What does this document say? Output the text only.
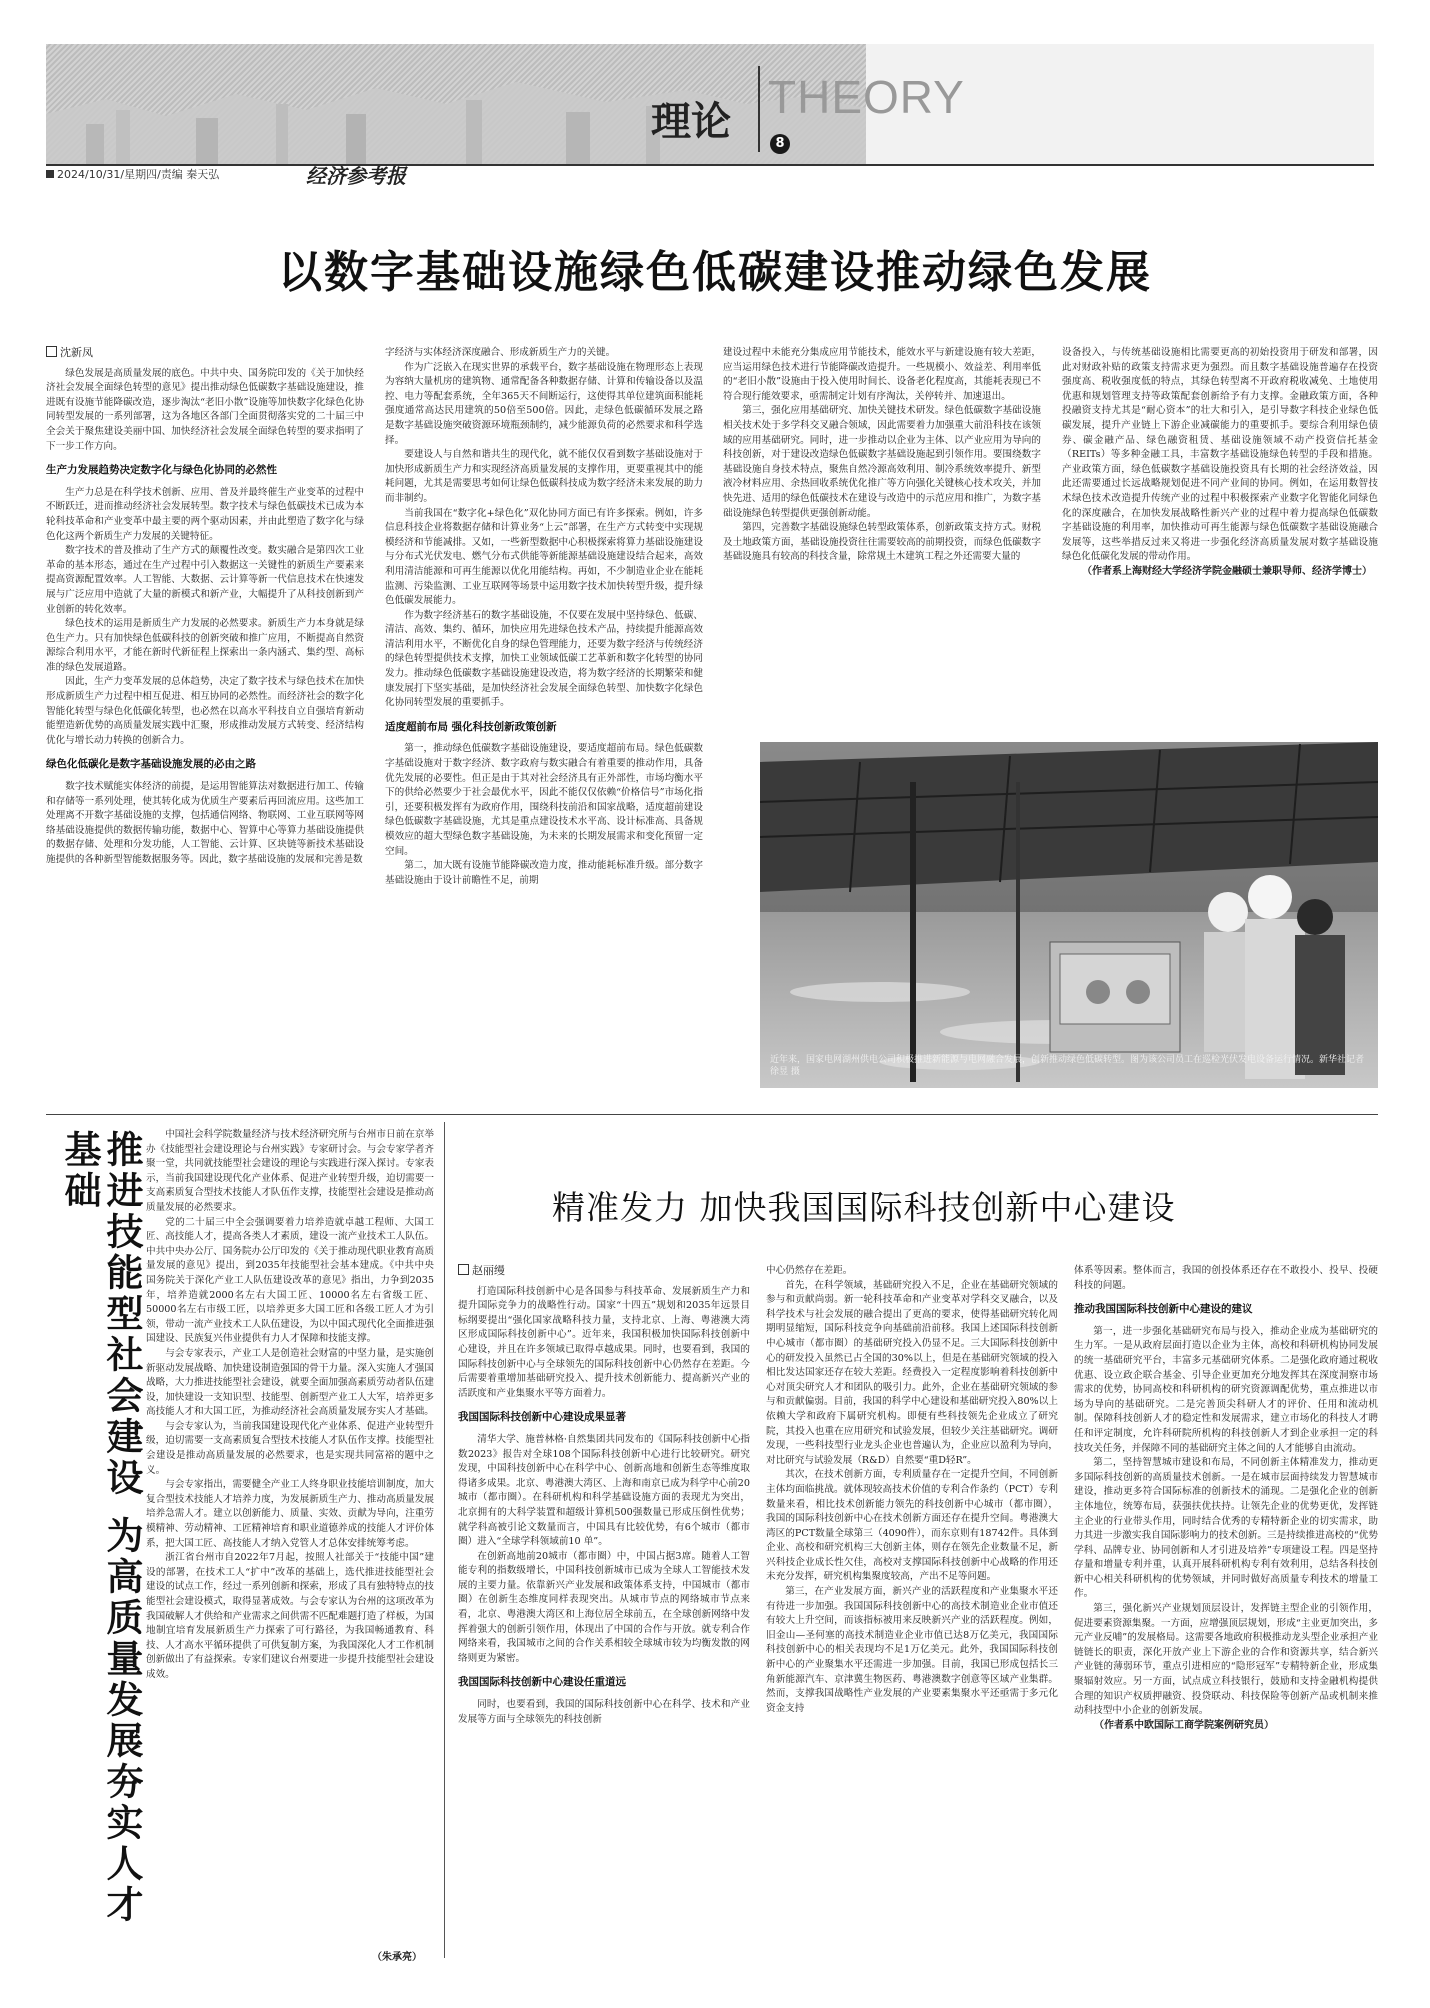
理论 THEORY
8
2024/10/31/星期四/责编 秦天弘	经济参考报
以数字基础设施绿色低碳建设推动绿色发展
沈新凤

绿色发展是高质量发展的底色。中共中央、国务院印发的《关于加快经济社会发展全面绿色转型的意见》提出推动绿色低碳数字基础设施建设，推进既有设施节能降碳改造，逐步淘汰“老旧小散”设施等加快数字化绿色化协同转型发展的一系列部署，这为各地区各部门全面贯彻落实党的二十届三中全会关于聚焦建设美丽中国、加快经济社会发展全面绿色转型的要求指明了下一步工作方向。

生产力发展趋势决定数字化与绿色化协同的必然性

生产力总是在科学技术创新、应用、普及并最终催生产业变革的过程中不断跃迁，进而推动经济社会发展转型。数字技术与绿色低碳技术已成为本轮科技革命和产业变革中最主要的两个驱动因素，并由此塑造了数字化与绿色化这两个新质生产力发展的关键特征。

数字技术的普及推动了生产方式的颠覆性改变。数实融合是第四次工业革命的基本形态，通过在生产过程中引入数据这一关键性的新质生产要素来提高资源配置效率。人工智能、大数据、云计算等新一代信息技术在快速发展与广泛应用中造就了大量的新模式和新产业，大幅提升了从科技创新到产业创新的转化效率。

绿色技术的运用是新质生产力发展的必然要求。新质生产力本身就是绿色生产力。只有加快绿色低碳科技的创新突破和推广应用，不断提高自然资源综合利用水平，才能在新时代新征程上探索出一条内涵式、集约型、高标准的绿色发展道路。

因此，生产力变革发展的总体趋势，决定了数字技术与绿色技术在加快形成新质生产力过程中相互促进、相互协同的必然性。而经济社会的数字化智能化转型与绿色化低碳化转型，也必然在以高水平科技自立自强培育新动能塑造新优势的高质量发展实践中汇聚，形成推动发展方式转变、经济结构优化与增长动力转换的创新合力。

绿色化低碳化是数字基础设施发展的必由之路

数字技术赋能实体经济的前提，是运用智能算法对数据进行加工、传输和存储等一系列处理，使其转化成为优质生产要素后再回流应用。这些加工处理离不开数字基础设施的支撑，包括通信网络、物联网、工业互联网等网络基础设施提供的数据传输功能，数据中心、智算中心等算力基础设施提供的数据存储、处理和分发功能，人工智能、云计算、区块链等新技术基础设施提供的各种新型智能数据服务等。因此，数字基础设施的发展和完善是数

字经济与实体经济深度融合、形成新质生产力的关键。

作为广泛嵌入在现实世界的承载平台，数字基础设施在物理形态上表现为容纳大量机房的建筑物、通常配备各种数据存储、计算和传输设备以及温控、电力等配套系统，全年365天不间断运行，这使得其单位建筑面积能耗强度通常高达民用建筑的50倍至500倍。因此，走绿色低碳循环发展之路是数字基础设施突破资源环境瓶颈制约，减少能源负荷的必然要求和科学选择。

要建设人与自然和谐共生的现代化，就不能仅仅看到数字基础设施对于加快形成新质生产力和实现经济高质量发展的支撑作用，更要重视其中的能耗问题，尤其是需要思考如何让绿色低碳科技成为数字经济未来发展的助力而非制约。

当前我国在“数字化+绿色化”双化协同方面已有许多探索。例如，许多信息科技企业将数据存储和计算业务“上云”部署，在生产方式转变中实现规模经济和节能减排。又如，一些新型数据中心积极探索将算力基础设施建设与分布式光伏发电、燃气分布式供能等新能源基础设施建设结合起来，高效利用清洁能源和可再生能源以优化用能结构。再如，不少制造业企业在能耗监测、污染监测、工业互联网等场景中运用数字技术加快转型升级，提升绿色低碳发展能力。

作为数字经济基石的数字基础设施，不仅要在发展中坚持绿色、低碳、清洁、高效、集约、循环，加快应用先进绿色技术产品，持续提升能源高效清洁利用水平，不断优化自身的绿色管理能力，还要为数字经济与传统经济的绿色转型提供技术支撑，加快工业领域低碳工艺革新和数字化转型的协同发力。推动绿色低碳数字基础设施建设改造，将为数字经济的长期繁荣和健康发展打下坚实基础，是加快经济社会发展全面绿色转型、加快数字化绿色化协同转型发展的重要抓手。

适度超前布局 强化科技创新政策创新

第一，推动绿色低碳数字基础设施建设，要适度超前布局。绿色低碳数字基础设施对于数字经济、数字政府与数实融合有着重要的推动作用，具备优先发展的必要性。但正是由于其对社会经济具有正外部性，市场均衡水平下的供给必然要少于社会最优水平，因此不能仅仅依赖“价格信号”市场化指引，还要积极发挥有为政府作用，围绕科技前沿和国家战略，适度超前建设绿色低碳数字基础设施，尤其是重点建设技术水平高、设计标准高、具备规模效应的超大型绿色数字基础设施，为未来的长期发展需求和变化预留一定空间。

第二，加大既有设施节能降碳改造力度，推动能耗标准升级。部分数字基础设施由于设计前瞻性不足，前期

建设过程中未能充分集成应用节能技术，能效水平与新建设施有较大差距，应当运用绿色技术进行节能降碳改造提升。一些规模小、效益差、利用率低的“老旧小散”设施由于投入使用时间长、设备老化程度高，其能耗表现已不符合现行能效要求，亟需制定计划有序淘汰，关停转并、加速退出。

第三，强化应用基础研究、加快关键技术研发。绿色低碳数字基础设施相关技术处于多学科交叉融合领域，因此需要着力加强重大前沿科技在该领域的应用基础研究。同时，进一步推动以企业为主体、以产业应用为导向的科技创新，对于建设改造绿色低碳数字基础设施起到引领作用。要围绕数字基础设施自身技术特点，聚焦自然冷源高效利用、制冷系统效率提升、新型液冷材料应用、余热回收系统优化推广等方向强化关键核心技术攻关，并加快先进、适用的绿色低碳技术在建设与改造中的示范应用和推广，为数字基础设施绿色转型提供更强创新动能。

第四，完善数字基础设施绿色转型政策体系，创新政策支持方式。财税及土地政策方面，基础设施投资往往需要较高的前期投资，而绿色低碳数字基础设施具有较高的科技含量，除常规土木建筑工程之外还需要大量的

设备投入，与传统基础设施相比需要更高的初始投资用于研发和部署，因此对财政补贴的政策支持需求更为强烈。而且数字基础设施普遍存在投资强度高、税收强度低的特点，其绿色转型离不开政府税收减免、土地使用优惠和规划管理支持等政策配套创新给予有力支撑。金融政策方面，各种投融资支持尤其是“耐心资本”的壮大和引入，是引导数字科技企业绿色低碳发展，提升产业链上下游企业减碳能力的重要抓手。要综合利用绿色债券、碳金融产品、绿色融资租赁、基础设施领域不动产投资信托基金（REITs）等多种金融工具，丰富数字基础设施绿色转型的手段和措施。产业政策方面，绿色低碳数字基础设施投资具有长期的社会经济效益，因此还需要通过长远战略规划促进不同产业间的协同。例如，在运用数智技术绿色技术改造提升传统产业的过程中积极探索产业数字化智能化同绿色化的深度融合，在加快发展战略性新兴产业的过程中着力提高绿色低碳数字基础设施的利用率，加快推动可再生能源与绿色低碳数字基础设施融合发展等，这些举措反过来又将进一步强化经济高质量发展对数字基础设施绿色化低碳化发展的带动作用。

（作者系上海财经大学经济学院金融硕士兼职导师、经济学博士）

近年来，国家电网湖州供电公司积极推进新能源与电网融合发展，创新推动绿色低碳转型。图为该公司员工在巡检光伏发电设备运行情况。新华社记者 徐昱 摄
推进技能型社会建设 为高质量发展夯实人才基础	中国社会科学院数量经济与技术经济研究所与台州市日前在京举办《技能型社会建设理论与台州实践》专家研讨会。与会专家学者齐聚一堂，共同就技能型社会建设的理论与实践进行深入探讨。专家表示，当前我国建设现代化产业体系、促进产业转型升级，迫切需要一支高素质复合型技术技能人才队伍作支撑，技能型社会建设是推动高质量发展的必然要求。

党的二十届三中全会强调要着力培养造就卓越工程师、大国工匠、高技能人才，提高各类人才素质，建设一流产业技术工人队伍。中共中央办公厅、国务院办公厅印发的《关于推动现代职业教育高质量发展的意见》提出，到2035年技能型社会基本建成。《中共中央 国务院关于深化产业工人队伍建设改革的意见》指出，力争到2035年，培养造就2000名左右大国工匠、10000名左右省级工匠、50000名左右市级工匠，以培养更多大国工匠和各级工匠人才为引领，带动一流产业技术工人队伍建设，为以中国式现代化全面推进强国建设、民族复兴伟业提供有力人才保障和技能支撑。

与会专家表示，产业工人是创造社会财富的中坚力量，是实施创新驱动发展战略、加快建设制造强国的骨干力量。深入实施人才强国战略，大力推进技能型社会建设，就要全面加强高素质劳动者队伍建设，加快建设一支知识型、技能型、创新型产业工人大军，培养更多高技能人才和大国工匠，为推动经济社会高质量发展夯实人才基础。

与会专家认为，当前我国建设现代化产业体系、促进产业转型升级，迫切需要一支高素质复合型技术技能人才队伍作支撑。技能型社会建设是推动高质量发展的必然要求，也是实现共同富裕的题中之义。

与会专家指出，需要健全产业工人终身职业技能培训制度，加大复合型技术技能人才培养力度，为发展新质生产力、推动高质量发展培养急需人才。建立以创新能力、质量、实效、贡献为导向，注重劳模精神、劳动精神、工匠精神培育和职业道德养成的技能人才评价体系，把大国工匠、高技能人才纳入党管人才总体安排统筹考虑。

浙江省台州市自2022年7月起，按照人社部关于“技能中国”建设的部署，在技术工人“扩中”改革的基础上，选代推进技能型社会建设的试点工作，经过一系列创新和探索，形成了具有独特特点的技能型社会建设模式，取得显著成效。与会专家认为台州的这项改革为我国破解人才供给和产业需求之间供需不匹配难题打造了样板，为国地制宜培育发展新质生产力探索了可行路径，为我国畅通教育、科技、人才高水平循环提供了可供复制方案，为我国深化人才工作机制创新做出了有益探索。专家们建议台州要进一步提升技能型社会建设成效。

（朱承亮）
精准发力 加快我国国际科技创新中心建设
赵丽缦

打造国际科技创新中心是各国参与科技革命、发展新质生产力和提升国际竞争力的战略性行动。国家“十四五”规划和2035年远景目标纲要提出“强化国家战略科技力量，支持北京、上海、粤港澳大湾区形成国际科技创新中心”。近年来，我国积极加快国际科技创新中心建设，并且在许多领域已取得卓越成果。同时，也要看到，我国的国际科技创新中心与全球领先的国际科技创新中心仍然存在差距。今后需要着重增加基础研究投入、提升技术创新能力、提高新兴产业的活跃度和产业集聚水平等方面着力。

我国国际科技创新中心建设成果显著

清华大学、施普林格·自然集团共同发布的《国际科技创新中心指数2023》报告对全球108个国际科技创新中心进行比较研究。研究发现，中国科技创新中心在科学中心、创新高地和创新生态等维度取得诸多成果。北京、粤港澳大湾区、上海和南京已成为科学中心前20城市（都市圈）。在科研机构和科学基础设施方面的表现尤为突出，北京拥有的大科学装置和超级计算机500强数量已形成压倒性优势；就学科高被引论文数量而言，中国具有比较优势，有6个城市（都市圈）进入“全球学科领域前10 单”。

在创新高地前20城市（都市圈）中，中国占据3席。随着人工智能专利的指数级增长，中国科技创新城市已成为全球人工智能技术发展的主要力量。依靠新兴产业发展和政策体系支持，中国城市（都市圈）在创新生态维度同样表现突出。从城市节点的网络城市节点来看，北京、粤港澳大湾区和上海位居全球前五，在全球创新网络中发挥着强大的创新引领作用，体现出了中国的合作与开放。就专利合作网络来看，我国城市之间的合作关系相较全球城市较为均衡发散的网络则更为紧密。

我国国际科技创新中心建设任重道远

同时，也要看到，我国的国际科技创新中心在科学、技术和产业发展等方面与全球领先的科技创新

中心仍然存在差距。

首先，在科学领域，基础研究投入不足，企业在基础研究领域的参与和贡献尚弱。新一轮科技革命和产业变革对学科交叉融合，以及科学技术与社会发展的融合提出了更高的要求，使得基础研究转化周期明显缩短，国际科技竞争向基础前沿前移。我国上述国际科技创新中心城市（都市圈）的基础研究投入仍显不足。三大国际科技创新中心的研发投入虽然已占全国的30%以上，但是在基础研究领域的投入相比发达国家还存在较大差距。经费投入一定程度影响着科技创新中心对顶尖研究人才和团队的吸引力。此外，企业在基础研究领域的参与和贡献偏弱。目前，我国的科学中心建设和基础研究投入80%以上依赖大学和政府下属研究机构。即便有些科技领先企业成立了研究院，其投入也重在应用研究和试验发展，但较少关注基础研究。调研发现，一些科技型行业龙头企业也普遍认为，企业应以盈利为导向，对比研究与试验发展（R&D）自然要“重D轻R”。

其次，在技术创新方面，专利质量存在一定提升空间，不同创新主体均面临挑战。就体现较高技术价值的专利合作条约（PCT）专利数量来看，相比技术创新能力领先的科技创新中心城市（都市圈），我国的国际科技创新中心在技术创新方面还存在提升空间。粤港澳大湾区的PCT数量全球第三（4090件），而东京则有18742件。具体到企业、高校和研究机构三大创新主体，则存在领先企业数量不足，新兴科技企业成长性欠佳，高校对支撑国际科技创新中心战略的作用还未充分发挥，研究机构集聚度较高，产出不足等问题。

第三，在产业发展方面，新兴产业的活跃程度和产业集聚水平还有待进一步加强。我国国际科技创新中心的高技术制造业企业市值还有较大上升空间，而该指标被用来反映新兴产业的活跃程度。例如，旧金山—圣何塞的高技术制造业企业市值已达8万亿美元，我国国际科技创新中心的相关表现均不足1万亿美元。此外，我国国际科技创新中心的产业聚集水平还需进一步加强。目前，我国已形成包括长三角新能源汽车、京津冀生物医药、粤港澳数字创意等区域产业集群。然而，支撑我国战略性产业发展的产业要素集聚水平还亟需于多元化资金支持

体系等因素。整体而言，我国的创投体系还存在不敢投小、投早、投硬科技的问题。

推动我国国际科技创新中心建设的建议

第一，进一步强化基础研究布局与投入，推动企业成为基础研究的生力军。一是从政府层面打造以企业为主体，高校和科研机构协同发展的统一基础研究平台，丰富多元基础研究体系。二是强化政府通过税收优惠、设立政企联合基金、引导企业更加充分地发挥其在深度洞察市场需求的优势，协同高校和科研机构的研究资源调配优势，重点推进以市场为导向的基础研究。二是完善顶尖科研人才的评价、任用和流动机制。保障科技创新人才的稳定性和发展需求，建立市场化的科技人才聘任和评定制度，允许科研院所机构的科技创新人才到企业承担一定的科技攻关任务，并保障不同的基础研究主体之间的人才能够自由流动。

第二，坚持智慧城市建设和布局，不同创新主体精准发力，推动更多国际科技创新的高质量技术创新。一是在城市层面持续发力智慧城市建设，推动更多符合国际标准的创新技术的涌现。二是强化企业的创新主体地位，统筹布局，获强扶优扶持。让领先企业的优势更优，发挥链主企业的行业带头作用，同时结合优秀的专精特新企业的切实需求，助力其进一步激实我自国际影响力的技术创新。三是持续推进高校的“优势学科、品牌专业、协同创新和人才引进及培养”专项建设工程。四是坚持存量和增量专利并重，认真开展科研机构专利有效利用，总结各科技创新中心相关科研机构的优势领域，并同时做好高质量专利技术的增量工作。

第三，强化新兴产业规划顶层设计，发挥链主型企业的引领作用，促进要素资源集聚。一方面，应增强顶层规划，形成“主业更加突出，多元产业反哺”的发展格局。这需要各地政府积极推动龙头型企业承担产业链链长的职责，深化开放产业上下游企业的合作和资源共享，结合新兴产业链的薄弱环节，重点引进相应的“隐形冠军”专精特新企业，形成集聚辐射效应。另一方面，试点成立科技银行，鼓励和支持金融机构提供合理的知识产权质押融资、投贷联动、科技保险等创新产品或机制来推动科技型中小企业的创新发展。

（作者系中欧国际工商学院案例研究员）
